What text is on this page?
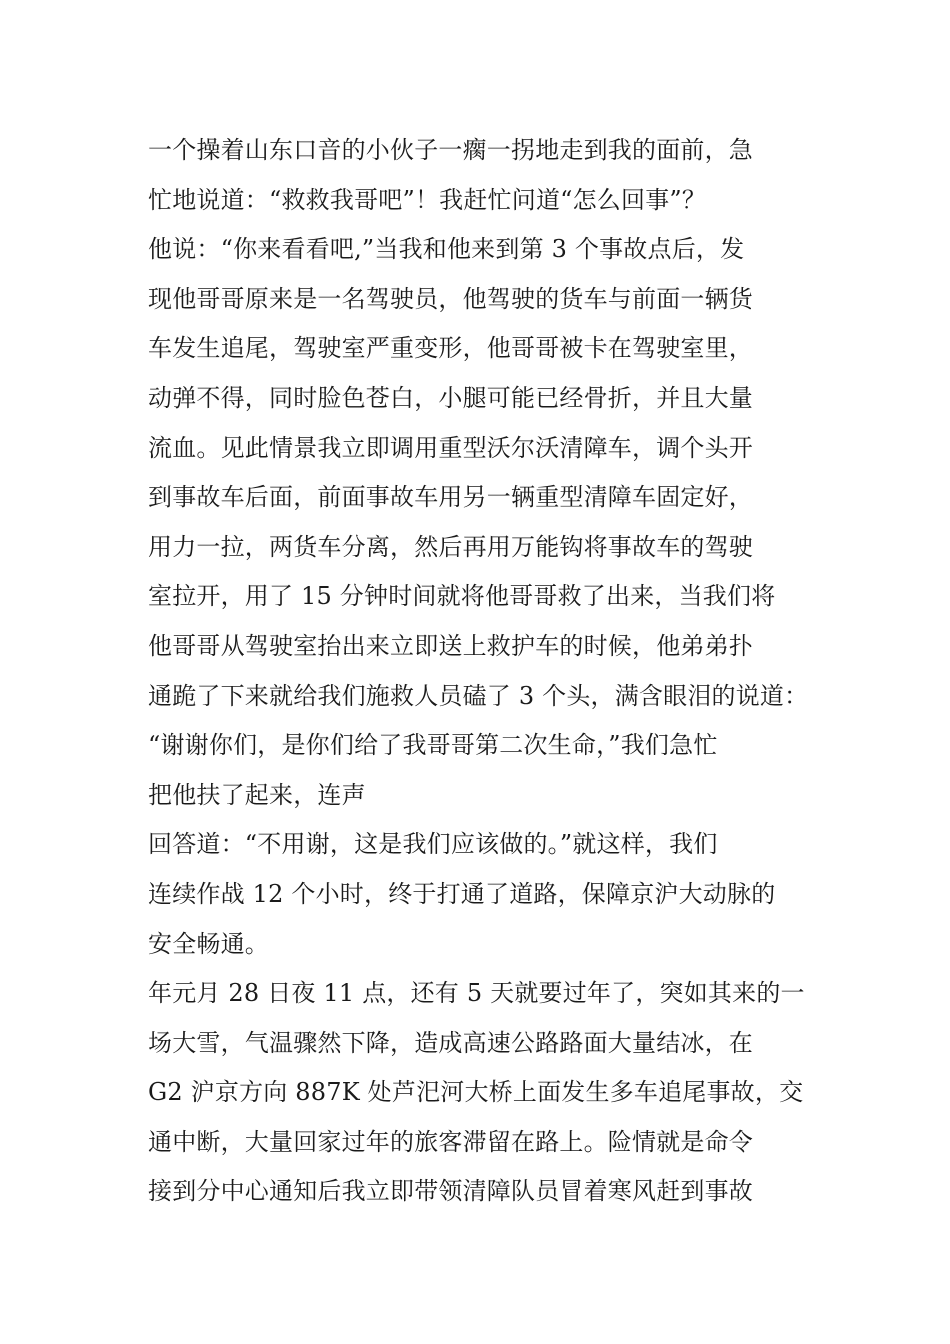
一个操着山东口音的小伙子一瘸一拐地走到我的面前，急
忙地说道：“救救我哥吧”！我赶忙问道“怎么回事”？
他说：“你来看看吧,”当我和他来到第 3 个事故点后，发
现他哥哥原来是一名驾驶员，他驾驶的货车与前面一辆货
车发生追尾，驾驶室严重变形，他哥哥被卡在驾驶室里，
动弹不得，同时脸色苍白，小腿可能已经骨折，并且大量
流血。见此情景我立即调用重型沃尔沃清障车，调个头开
到事故车后面，前面事故车用另一辆重型清障车固定好，
用力一拉，两货车分离，然后再用万能钩将事故车的驾驶
室拉开，用了 15 分钟时间就将他哥哥救了出来，当我们将
他哥哥从驾驶室抬出来立即送上救护车的时候，他弟弟扑
通跪了下来就给我们施救人员磕了 3 个头，满含眼泪的说道：
“谢谢你们，是你们给了我哥哥第二次生命，”我们急忙
把他扶了起来，连声
回答道：“不用谢，这是我们应该做的。”就这样，我们
连续作战 12 个小时，终于打通了道路，保障京沪大动脉的
安全畅通。
年元月 28 日夜 11 点，还有 5 天就要过年了，突如其来的一
场大雪，气温骤然下降，造成高速公路路面大量结冰，在
G2 沪京方向 887K 处芦汜河大桥上面发生多车追尾事故，交
通中断，大量回家过年的旅客滞留在路上。险情就是命令
接到分中心通知后我立即带领清障队员冒着寒风赶到事故
